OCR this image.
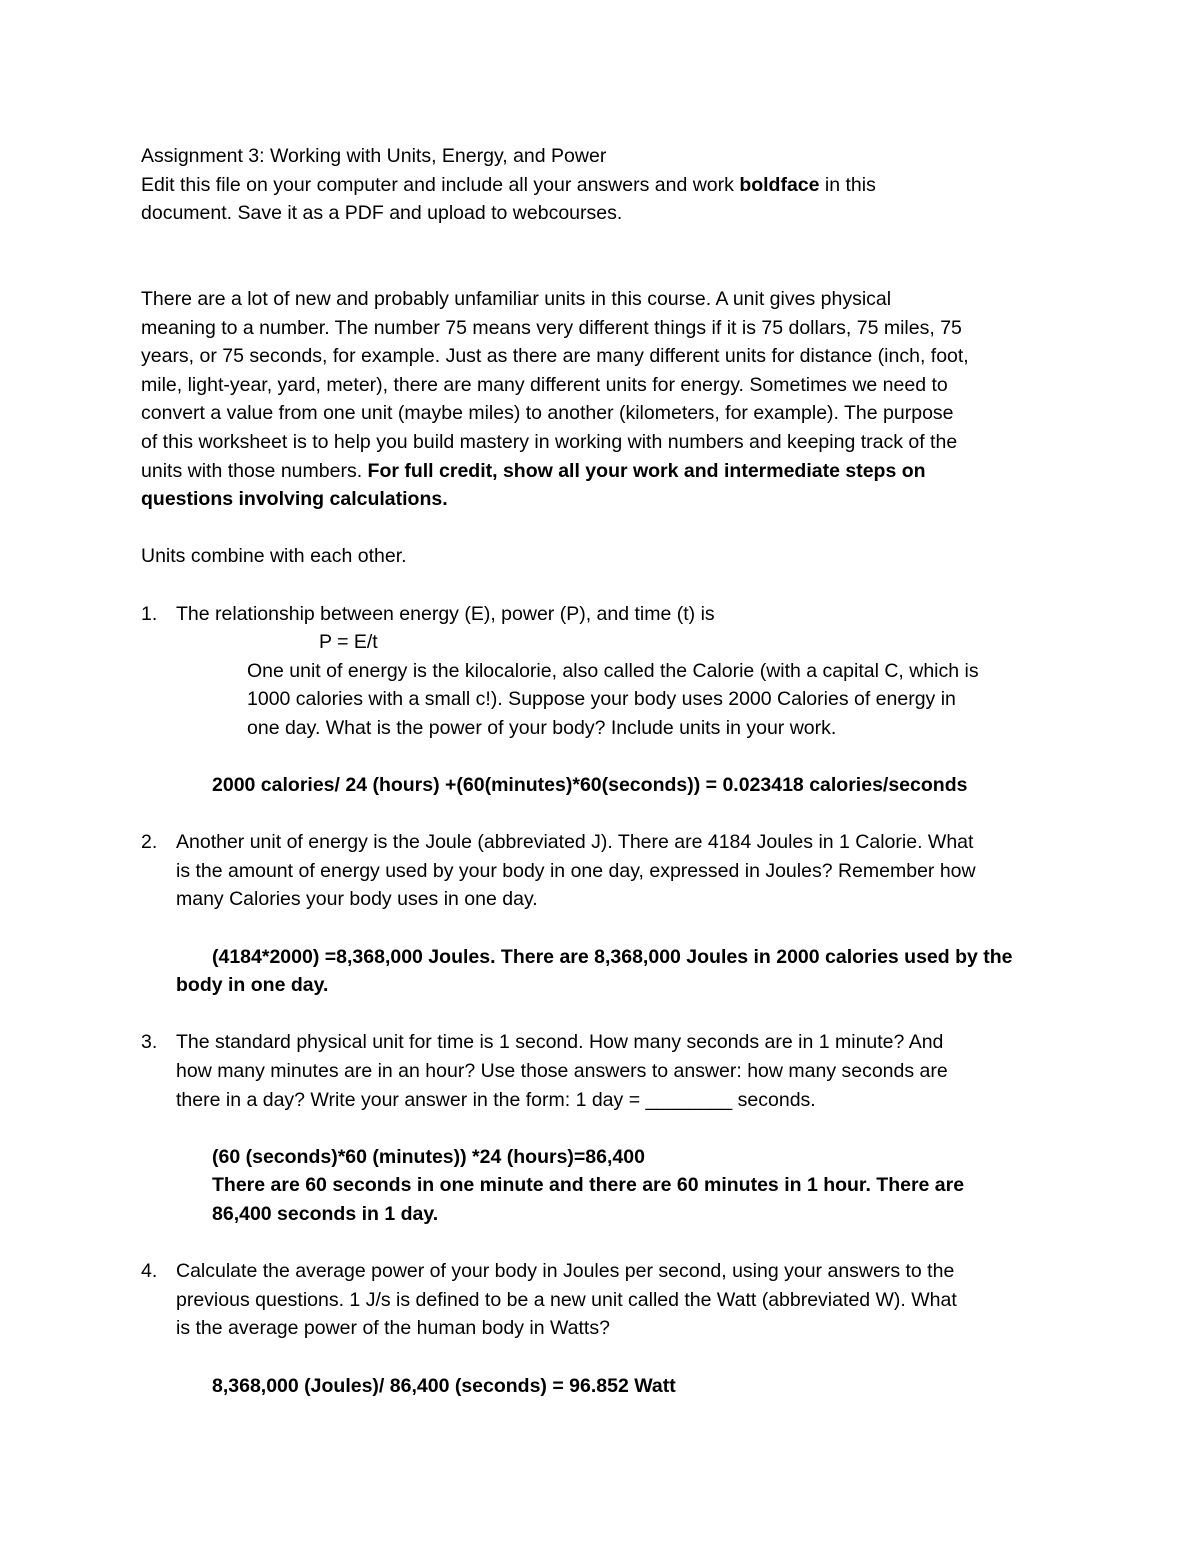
Assignment 3: Working with Units, Energy, and Power
Edit this file on your computer and include all your answers and work boldface in this
document. Save it as a PDF and upload to webcourses.
There are a lot of new and probably unfamiliar units in this course. A unit gives physical
meaning to a number. The number 75 means very different things if it is 75 dollars, 75 miles, 75
years, or 75 seconds, for example. Just as there are many different units for distance (inch, foot,
mile, light-year, yard, meter), there are many different units for energy. Sometimes we need to
convert a value from one unit (maybe miles) to another (kilometers, for example). The purpose
of this worksheet is to help you build mastery in working with numbers and keeping track of the
units with those numbers. For full credit, show all your work and intermediate steps on
questions involving calculations.
Units combine with each other.
1. The relationship between energy (E), power (P), and time (t) is
P = E/t
One unit of energy is the kilocalorie, also called the Calorie (with a capital C, which is
1000 calories with a small c!). Suppose your body uses 2000 Calories of energy in
one day. What is the power of your body? Include units in your work.
2000 calories/ 24 (hours) +(60(minutes)*60(seconds)) = 0.023418 calories/seconds
2. Another unit of energy is the Joule (abbreviated J). There are 4184 Joules in 1 Calorie. What
is the amount of energy used by your body in one day, expressed in Joules? Remember how
many Calories your body uses in one day.
(4184*2000) =8,368,000 Joules. There are 8,368,000 Joules in 2000 calories used by the
body in one day.
3. The standard physical unit for time is 1 second. How many seconds are in 1 minute? And
how many minutes are in an hour? Use those answers to answer: how many seconds are
there in a day? Write your answer in the form: 1 day = ________ seconds.
(60 (seconds)*60 (minutes)) *24 (hours)=86,400
There are 60 seconds in one minute and there are 60 minutes in 1 hour. There are
86,400 seconds in 1 day.
4. Calculate the average power of your body in Joules per second, using your answers to the
previous questions. 1 J/s is defined to be a new unit called the Watt (abbreviated W). What
is the average power of the human body in Watts?
8,368,000 (Joules)/ 86,400 (seconds) = 96.852 Watt
